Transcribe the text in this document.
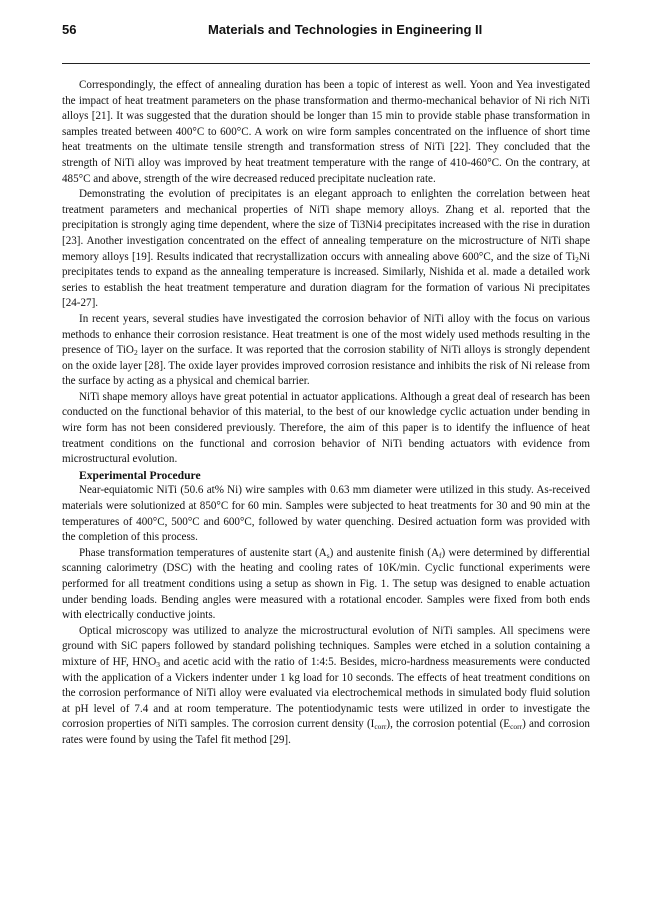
56	Materials and Technologies in Engineering II

Correspondingly, the effect of annealing duration has been a topic of interest as well. Yoon and Yea investigated the impact of heat treatment parameters on the phase transformation and thermo-mechanical behavior of Ni rich NiTi alloys [21]. It was suggested that the duration should be longer than 15 min to provide stable phase transformation in samples treated between 400°C to 600°C. A work on wire form samples concentrated on the influence of short time heat treatments on the ultimate tensile strength and transformation stress of NiTi [22]. They concluded that the strength of NiTi alloy was improved by heat treatment temperature with the range of 410-460°C. On the contrary, at 485°C and above, strength of the wire decreased reduced precipitate nucleation rate.

Demonstrating the evolution of precipitates is an elegant approach to enlighten the correlation between heat treatment parameters and mechanical properties of NiTi shape memory alloys. Zhang et al. reported that the precipitation is strongly aging time dependent, where the size of Ti3Ni4 precipitates increased with the rise in duration [23]. Another investigation concentrated on the effect of annealing temperature on the microstructure of NiTi shape memory alloys [19]. Results indicated that recrystallization occurs with annealing above 600°C, and the size of $Ti_2Ni$ precipitates tends to expand as the annealing temperature is increased. Similarly, Nishida et al. made a detailed work series to establish the heat treatment temperature and duration diagram for the formation of various Ni precipitates [24-27].

In recent years, several studies have investigated the corrosion behavior of NiTi alloy with the focus on various methods to enhance their corrosion resistance. Heat treatment is one of the most widely used methods resulting in the presence of TiO$_2$ layer on the surface. It was reported that the corrosion stability of NiTi alloys is strongly dependent on the oxide layer [28]. The oxide layer provides improved corrosion resistance and inhibits the risk of Ni release from the surface by acting as a physical and chemical barrier.

NiTi shape memory alloys have great potential in actuator applications. Although a great deal of research has been conducted on the functional behavior of this material, to the best of our knowledge cyclic actuation under bending in wire form has not been considered previously. Therefore, the aim of this paper is to identify the influence of heat treatment conditions on the functional and corrosion behavior of NiTi bending actuators with evidence from microstructural evolution.

Experimental Procedure

Near-equiatomic NiTi (50.6 at% Ni) wire samples with 0.63 mm diameter were utilized in this study. As-received materials were solutionized at 850°C for 60 min. Samples were subjected to heat treatments for 30 and 90 min at the temperatures of 400°C, 500°C and 600°C, followed by water quenching. Desired actuation form was provided with the completion of this process.

Phase transformation temperatures of austenite start $(A_s)$ and austenite finish $(A_f)$ were determined by differential scanning calorimetry (DSC) with the heating and cooling rates of 10K/min. Cyclic functional experiments were performed for all treatment conditions using a setup as shown in Fig. 1. The setup was designed to enable actuation under bending loads. Bending angles were measured with a rotational encoder. Samples were fixed from both ends with electrically conductive joints.

Optical microscopy was utilized to analyze the microstructural evolution of NiTi samples. All specimens were ground with SiC papers followed by standard polishing techniques. Samples were etched in a solution containing a mixture of HF, $HNO_3$ and acetic acid with the ratio of 1:4:5. Besides, micro-hardness measurements were conducted with the application of a Vickers indenter under 1 kg load for 10 seconds. The effects of heat treatment conditions on the corrosion performance of NiTi alloy were evaluated via electrochemical methods in simulated body fluid solution at pH level of 7.4 and at room temperature. The potentiodynamic tests were utilized in order to investigate the corrosion properties of NiTi samples. The corrosion current density $(I_{corr})$, the corrosion potential $(E_{corr})$ and corrosion rates were found by using the Tafel fit method [29].
